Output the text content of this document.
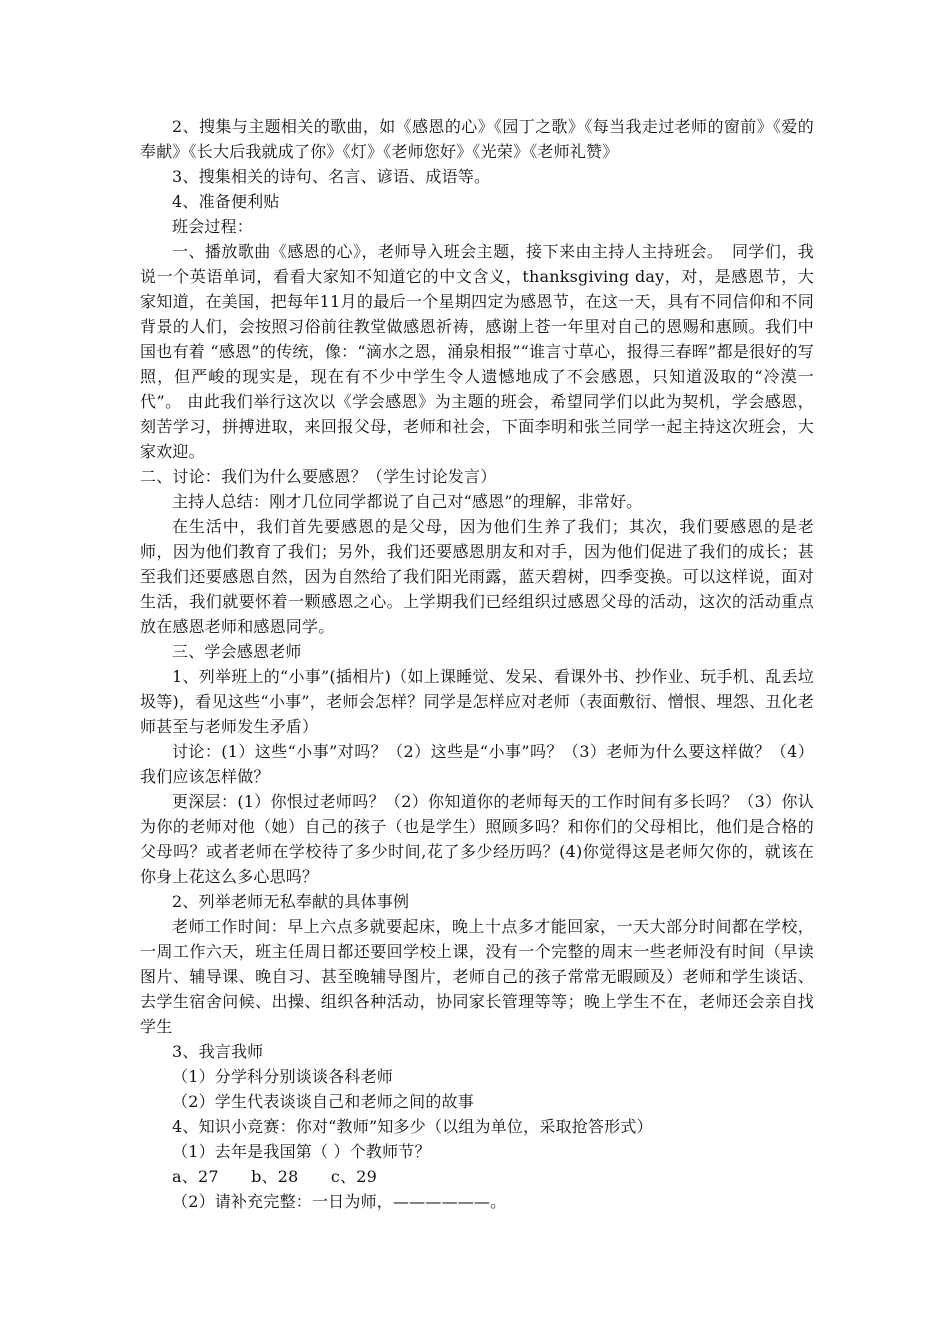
2、搜集与主题相关的歌曲，如《感恩的心》《园丁之歌》《每当我走过老师的窗前》《爱的奉献》《长大后我就成了你》《灯》《老师您好》《光荣》《老师礼赞》

3、搜集相关的诗句、名言、谚语、成语等。

4、准备便利贴

班会过程：

一、播放歌曲《感恩的心》，老师导入班会主题，接下来由主持人主持班会。　同学们，我说一个英语单词，看看大家知不知道它的中文含义，thanksgiving day，对，是感恩节，大家知道，在美国，把每年11月的最后一个星期四定为感恩节，在这一天，具有不同信仰和不同背景的人们，会按照习俗前往教堂做感恩祈祷，感谢上苍一年里对自己的恩赐和惠顾。我们中国也有着 “感恩”的传统，像：“滴水之恩，涌泉相报”“谁言寸草心，报得三春晖”都是很好的写照，但严峻的现实是，现在有不少中学生令人遗憾地成了不会感恩，只知道汲取的“冷漠一代”。 由此我们举行这次以《学会感恩》为主题的班会，希望同学们以此为契机，学会感恩，刻苦学习，拼搏进取，来回报父母，老师和社会，下面李明和张兰同学一起主持这次班会，大家欢迎。

二、讨论：我们为什么要感恩？（学生讨论发言）

主持人总结：刚才几位同学都说了自己对“感恩”的理解，非常好。

在生活中，我们首先要感恩的是父母，因为他们生养了我们；其次，我们要感恩的是老师，因为他们教育了我们；另外，我们还要感恩朋友和对手，因为他们促进了我们的成长；甚至我们还要感恩自然，因为自然给了我们阳光雨露，蓝天碧树，四季变换。可以这样说，面对生活，我们就要怀着一颗感恩之心。上学期我们已经组织过感恩父母的活动，这次的活动重点放在感恩老师和感恩同学。

三、学会感恩老师

1、列举班上的“小事”(插相片)（如上课睡觉、发呆、看课外书、抄作业、玩手机、乱丢垃圾等)，看见这些“小事”，老师会怎样？同学是怎样应对老师（表面敷衍、憎恨、埋怨、丑化老师甚至与老师发生矛盾）

讨论：(1）这些“小事”对吗？（2）这些是“小事”吗？（3）老师为什么要这样做？（4）我们应该怎样做？

更深层：(1）你恨过老师吗？（2）你知道你的老师每天的工作时间有多长吗？（3）你认为你的老师对他（她）自己的孩子（也是学生）照顾多吗？和你们的父母相比，他们是合格的父母吗？或者老师在学校待了多少时间,花了多少经历吗？(4)你觉得这是老师欠你的，就该在你身上花这么多心思吗？

2、列举老师无私奉献的具体事例

老师工作时间：早上六点多就要起床，晚上十点多才能回家，一天大部分时间都在学校，一周工作六天，班主任周日都还要回学校上课，没有一个完整的周末一些老师没有时间（早读图片、辅导课、晚自习、甚至晚辅导图片，老师自己的孩子常常无暇顾及）老师和学生谈话、去学生宿舍问候、出操、组织各种活动，协同家长管理等等；晚上学生不在，老师还会亲自找学生

3、我言我师

（1）分学科分别谈谈各科老师

（2）学生代表谈谈自己和老师之间的故事

4、知识小竞赛：你对“教师”知多少（以组为单位，采取抢答形式）

（1）去年是我国第（ ）个教师节？

a、27　　b、28　　c、29

（2）请补充完整：一日为师，——————。
